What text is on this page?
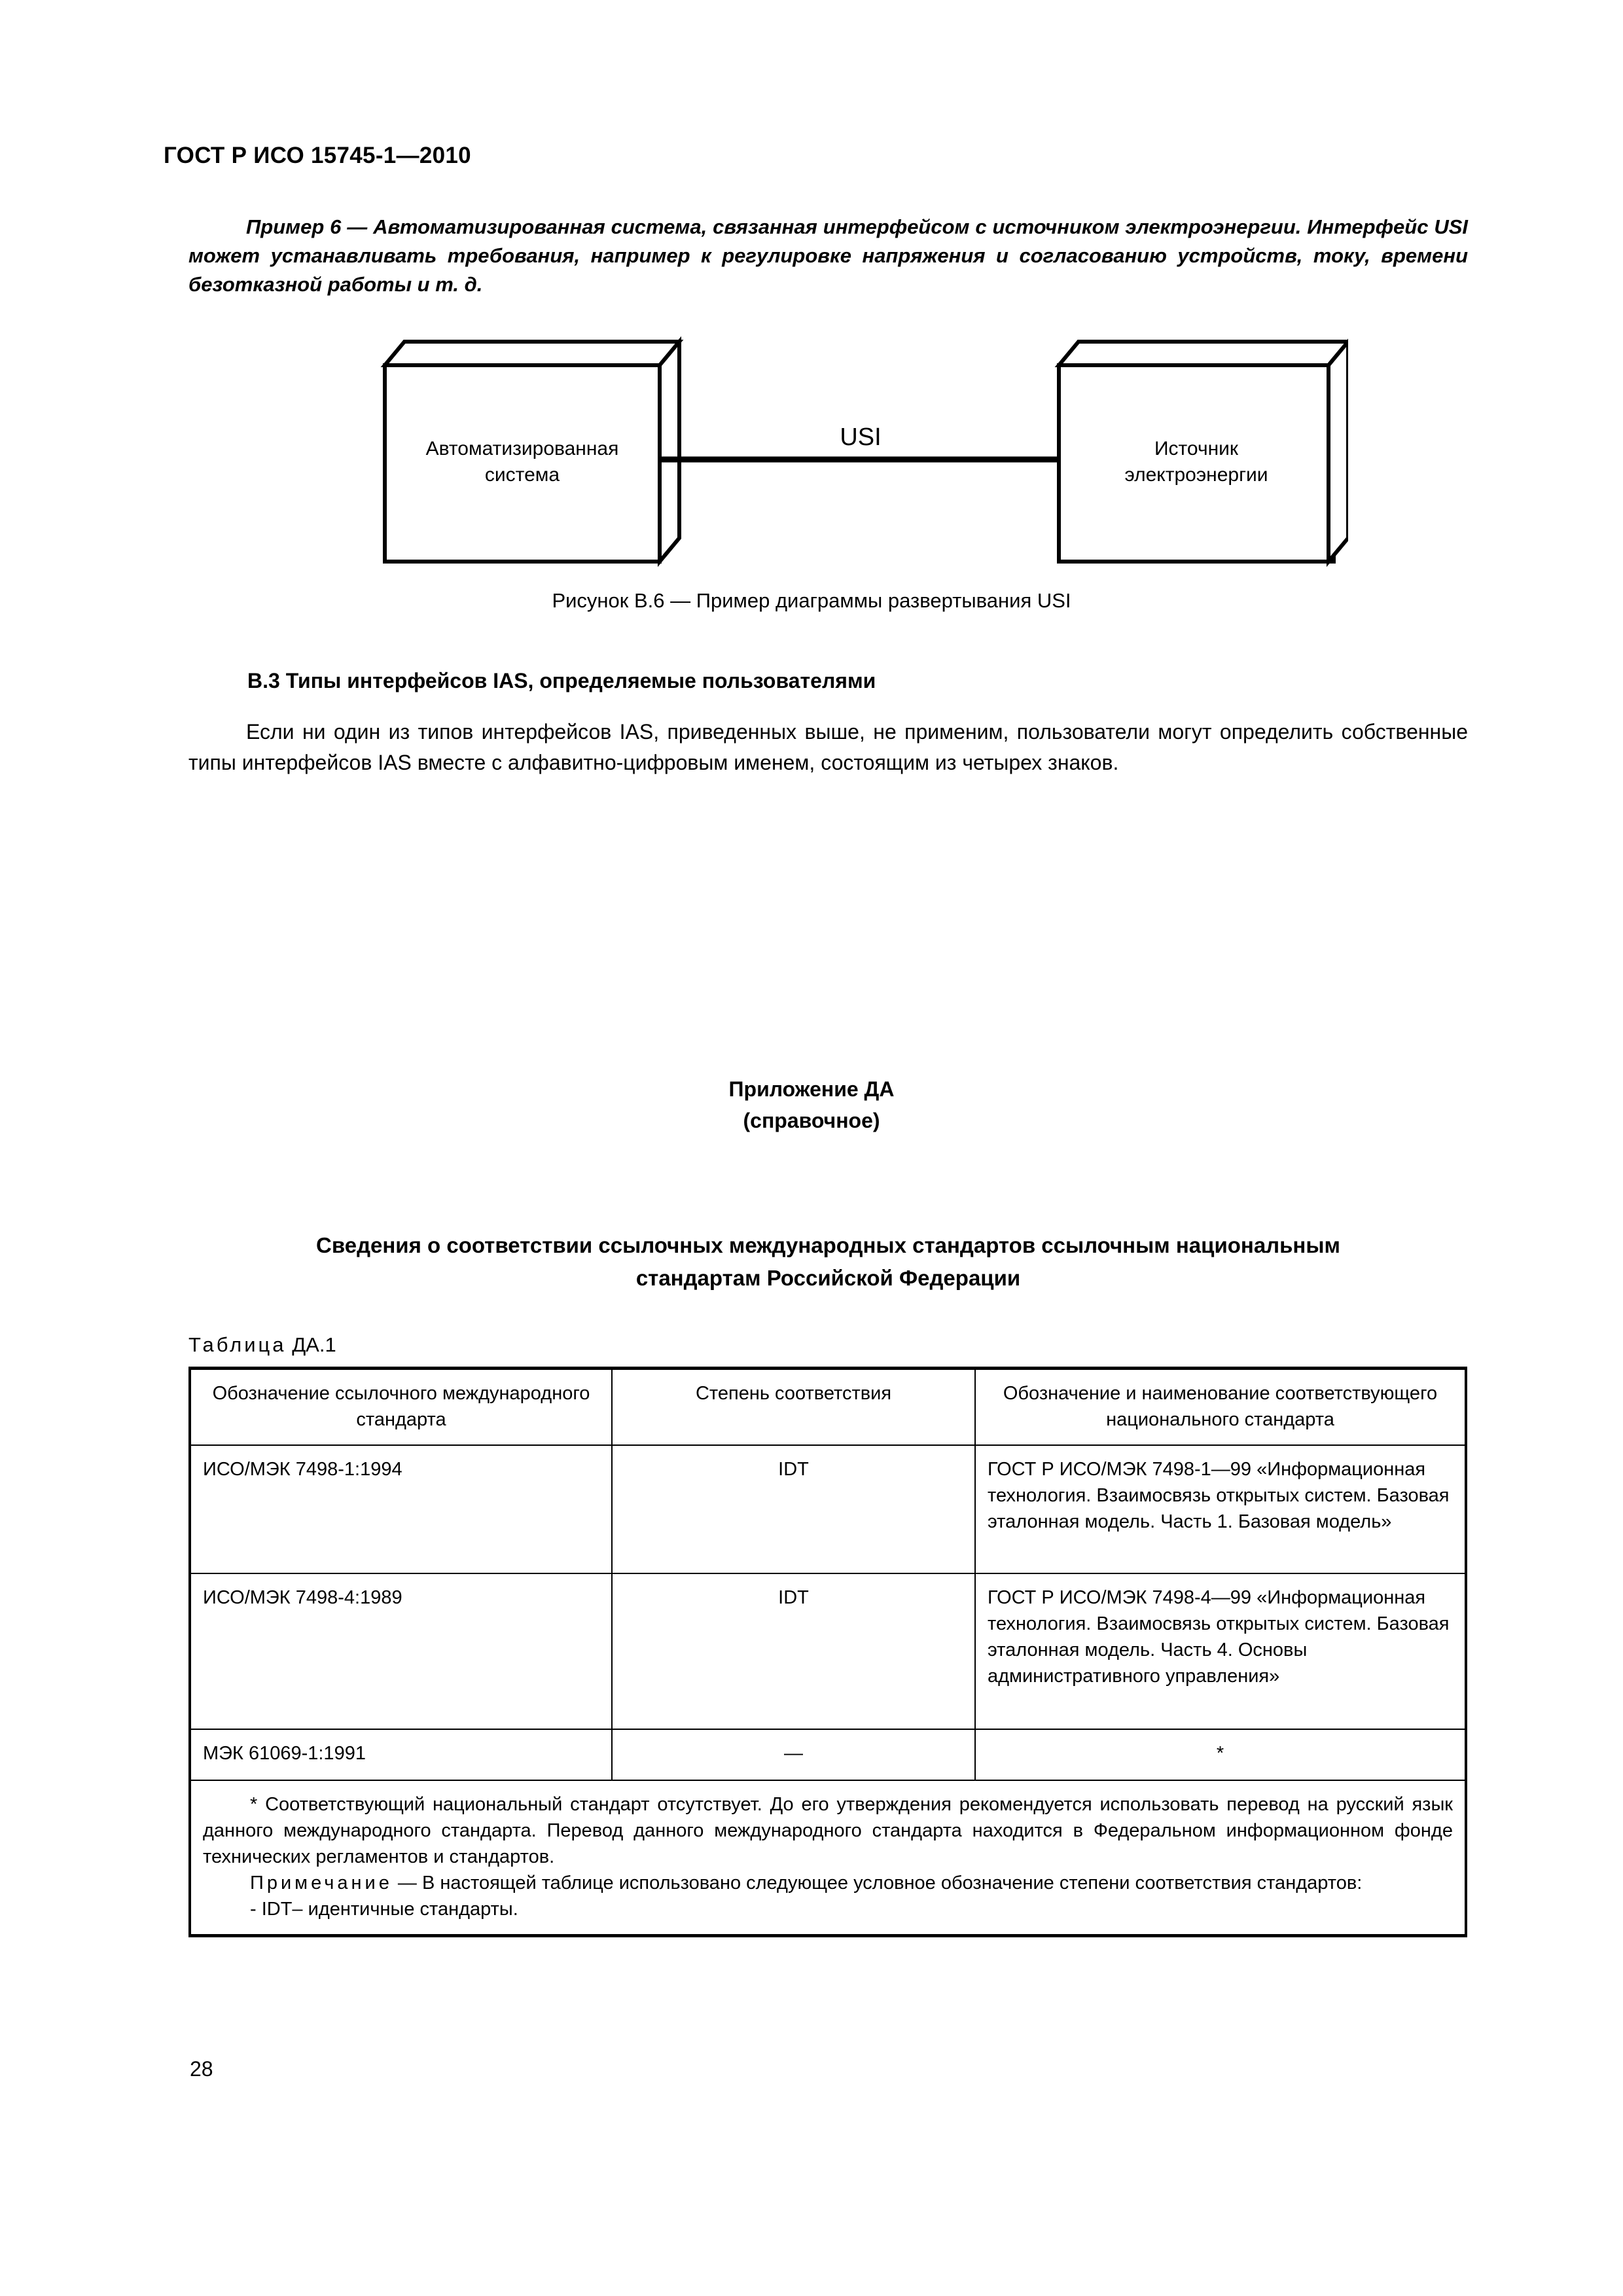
ГОСТ Р ИСО 15745-1—2010
Пример 6 — Автоматизированная система, связанная интерфейсом с источником электроэнергии. Интерфейс USI может устанавливать требования, например к регулировке напряжения и согласованию устройств, току, времени безотказной работы и т. д.
Автоматизированная
система
USI	Источник
электроэнергии
Рисунок В.6 — Пример диаграммы развертывания USI
В.3 Типы интерфейсов IAS, определяемые пользователями
Если ни один из типов интерфейсов IAS, приведенных выше, не применим, пользователи могут определить собственные типы интерфейсов IAS вместе с алфавитно-цифровым именем, состоящим из четырех знаков.
Приложение ДА
(справочное)
Сведения о соответствии ссылочных международных стандартов ссылочным национальным
стандартам Российской Федерации
Таблица ДА.1
Обозначение ссылочного международного стандарта	Степень соответствия	Обозначение и наименование соответствующего национального стандарта
ИСО/МЭК 7498-1:1994	IDT	ГОСТ Р ИСО/МЭК 7498-1—99 «Информационная технология. Взаимосвязь открытых систем. Базовая эталонная модель. Часть 1. Базовая модель»
ИСО/МЭК 7498-4:1989	IDT	ГОСТ Р ИСО/МЭК 7498-4—99 «Информационная технология. Взаимосвязь открытых систем. Базовая эталонная модель. Часть 4. Основы административного управления»
МЭК 61069-1:1991	—	*

* Соответствующий национальный стандарт отсутствует. До его утверждения рекомендуется использовать перевод на русский язык данного международного стандарта. Перевод данного международного стандарта находится в Федеральном информационном фонде технических регламентов и стандартов.

Примечание — В настоящей таблице использовано следующее условное обозначение степени соответствия стандартов:

- IDT– идентичные стандарты.		

28
